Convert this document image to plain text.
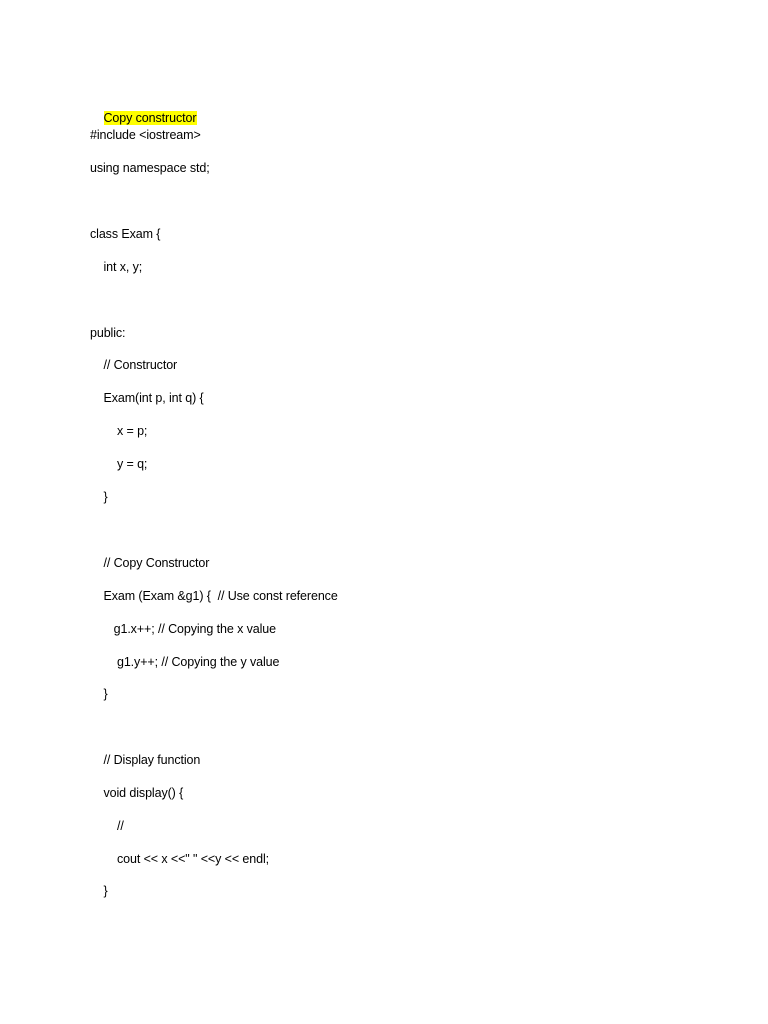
Copy constructor

#include <iostream>
using namespace std;
class Exam {
int x, y;
public:
// Constructor
Exam(int p, int q) {
x = p;
y = q;
}
// Copy Constructor
Exam (Exam &g1) {  // Use const reference
g1.x++; // Copying the x value
g1.y++; // Copying the y value
}
// Display function
void display() {
//
cout << x <<" " <<y << endl;
}
